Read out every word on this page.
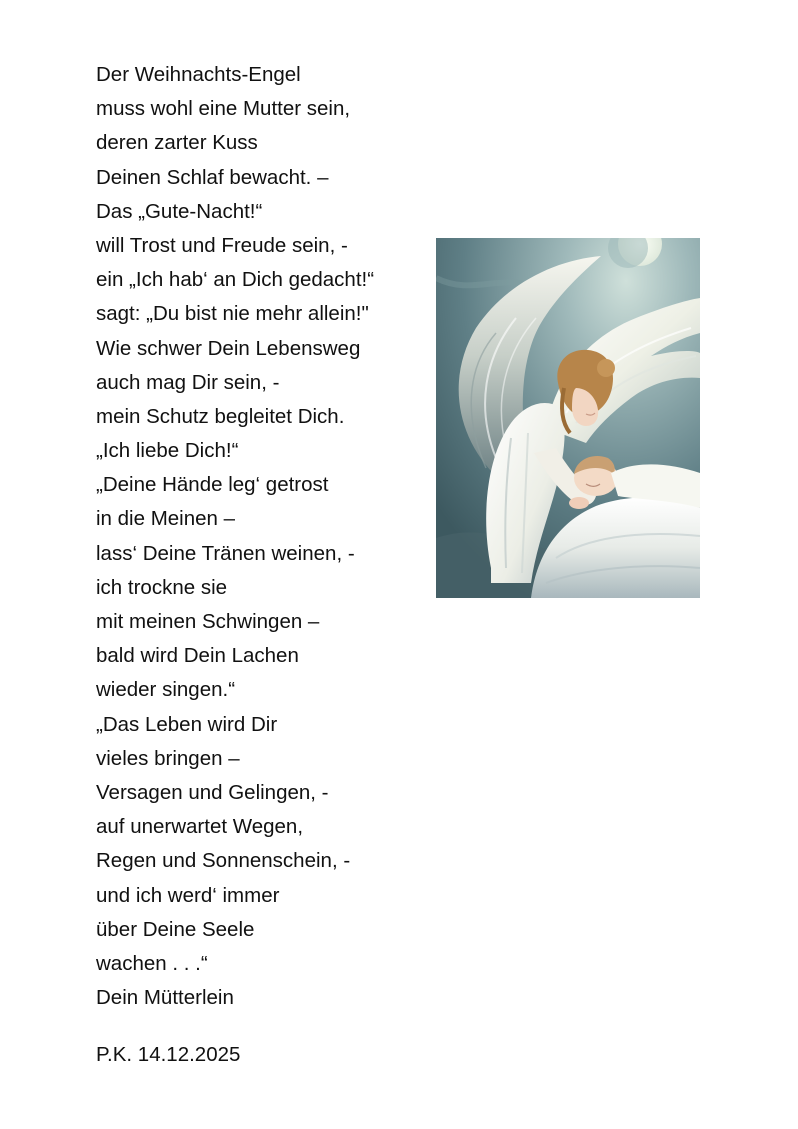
Der Weihnachts-Engel
muss wohl eine Mutter sein,
deren zarter Kuss
Deinen Schlaf bewacht. –
Das „Gute-Nacht!“
will Trost und Freude sein, -
ein „Ich hab‘ an Dich gedacht!“
sagt: „Du bist nie mehr allein!"
Wie schwer Dein Lebensweg
auch mag Dir sein, -
mein Schutz begleitet Dich.
„Ich liebe Dich!“
„Deine Hände leg‘ getrost
in die Meinen –
lass‘ Deine Tränen weinen, -
ich trockne sie
mit meinen Schwingen –
bald wird Dein Lachen
wieder singen.“
„Das Leben wird Dir
vieles bringen –
Versagen und Gelingen, -
auf unerwartet Wegen,
Regen und Sonnenschein, -
und ich werd‘ immer
über Deine Seele
wachen . . .“
Dein Mütterlein
P.K. 14.12.2025
